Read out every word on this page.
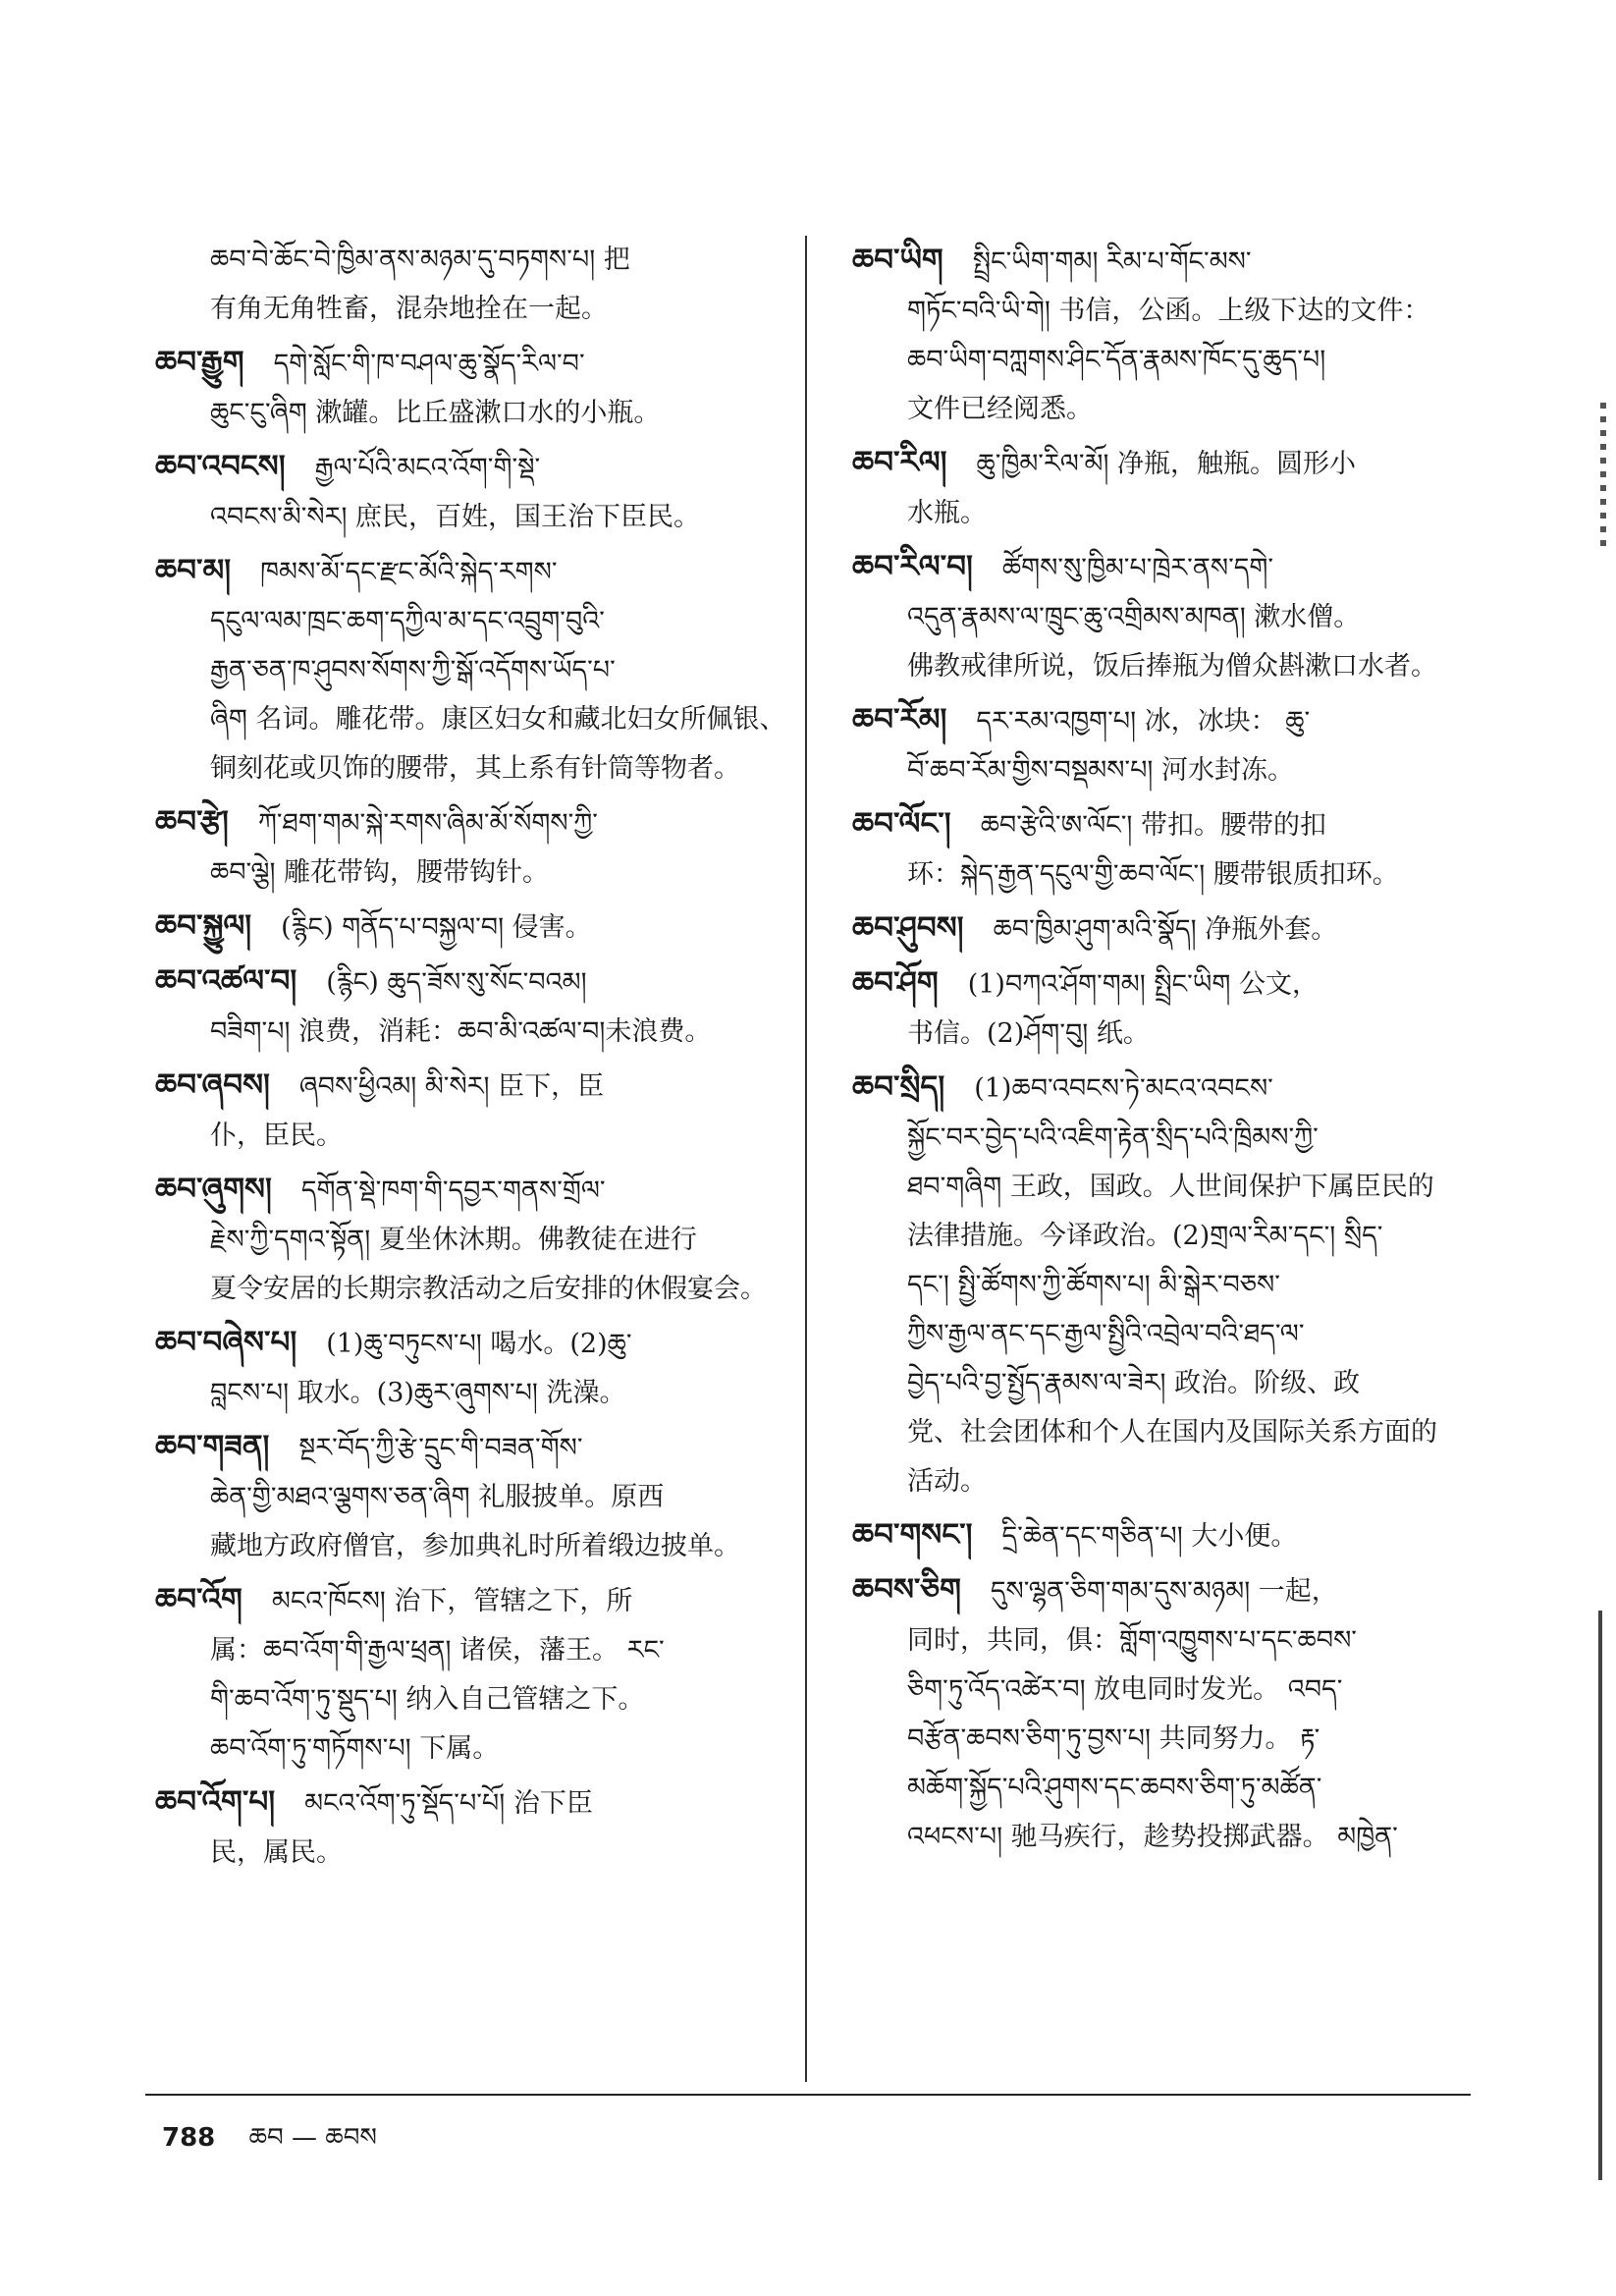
ཆབ་བེ་ཆོང་བེ་ཁྱིམ་ནས་མཉམ་དུ་བཏགས་པ། 把
有角无角牲畜，混杂地拴在一起。
ཆབ་རྒྱུག དགེ་སློང་གི་ཁ་བཤལ་ཆུ་སྣོད་རིལ་བ་
ཆུང་ངུ་ཞིག 漱罐。比丘盛漱口水的小瓶。
ཆབ་འབངས། རྒྱལ་པོའི་མངའ་འོག་གི་སྡེ་
འབངས་མི་སེར། 庶民，百姓，国王治下臣民。
ཆབ་མ། ཁམས་མོ་དང་རྫང་མོའི་སྐེད་རགས་
དངུལ་ལམ་ཁྲང་ཆག་དཀྱིལ་མ་དང་འབྲུག་བུའི་
རྒྱན་ཅན་ཁ་ཤུབས་སོགས་ཀྱི་སྒོ་འདོགས་ཡོད་པ་
ཞིག 名词。雕花带。康区妇女和藏北妇女所佩银、
铜刻花或贝饰的腰带，其上系有针筒等物者。
ཆབ་རྩེ། ཀོ་ཐག་གམ་སྐེ་རགས་ཞིམ་མོ་སོགས་ཀྱི་
ཆབ་ལྕེ། 雕花带钩，腰带钩针。
ཆབ་སྐྱུལ། (རྙིང) གནོད་པ་བསྐྱལ་བ། 侵害。
ཆབ་འཚལ་བ། (རྙིང) ཆུད་ཟོས་སུ་སོང་བའམ།
བཟིག་པ། 浪费，消耗：ཆབ་མི་འཚལ་བ།未浪费。
ཆབ་ཞབས། ཞབས་ཕྱིའམ། མི་སེར། 臣下，臣
仆，臣民。
ཆབ་ཞུགས། དགོན་སྡེ་ཁག་གི་དབྱར་གནས་གྲོལ་
རྗེས་ཀྱི་དགའ་སྟོན། 夏坐休沐期。佛教徒在进行
夏令安居的长期宗教活动之后安排的休假宴会。
ཆབ་བཞེས་པ། (1)ཆུ་བཏུངས་པ། 喝水。(2)ཆུ་
བླངས་པ། 取水。(3)ཆུར་ཞུགས་པ། 洗澡。
ཆབ་གཟན། སྔར་བོད་ཀྱི་རྩེ་དྲུང་གི་བཟན་གོས་
ཆེན་གྱི་མཐའ་ལྕགས་ཅན་ཞིག 礼服披单。原西
藏地方政府僧官，参加典礼时所着缎边披单。
ཆབ་འོག མངའ་ཁོངས། 治下，管辖之下，所
属：ཆབ་འོག་གི་རྒྱལ་ཕྲན། 诸侯，藩王。 རང་
གི་ཆབ་འོག་ཏུ་སྡུད་པ། 纳入自己管辖之下。
ཆབ་འོག་ཏུ་གཏོགས་པ། 下属。
ཆབ་འོག་པ། མངའ་འོག་ཏུ་སྡོད་པ་པོ། 治下臣
民，属民。
ཆབ་ཡིག སྤྲིང་ཡིག་གམ། རིམ་པ་གོང་མས་
གཏོང་བའི་ཡི་གེ། 书信，公函。上级下达的文件：
ཆབ་ཡིག་བཀླགས་ཤིང་དོན་རྣམས་ཁོང་དུ་ཆུད་པ།
文件已经阅悉。
ཆབ་རིལ། ཆུ་ཁྱིམ་རིལ་མོ། 净瓶，触瓶。圆形小
水瓶。
ཆབ་རིལ་བ། ཚོགས་སུ་ཁྱིམ་པ་ཁྲེར་ནས་དགེ་
འདུན་རྣམས་ལ་ཁྲུང་ཆུ་འགྲིམས་མཁན། 漱水僧。
佛教戒律所说，饭后捧瓶为僧众斟漱口水者。
ཆབ་རོམ། དར་རམ་འཁྱག་པ། 冰，冰块： ཆུ་
བོ་ཆབ་རོམ་གྱིས་བསྡམས་པ། 河水封冻。
ཆབ་ལོང་། ཆབ་རྩེའི་ཨ་ལོང་། 带扣。腰带的扣
环：སྐེད་རྒྱན་དངུལ་གྱི་ཆབ་ལོང་། 腰带银质扣环。
ཆབ་ཤུབས། ཆབ་ཁྱིམ་ཤུག་མའི་སྣོད། 净瓶外套。
ཆབ་ཤོག (1)བཀའ་ཤོག་གམ། སྤྲིང་ཡིག 公文，
书信。(2)ཤོག་བུ། 纸。
ཆབ་སྲིད། (1)ཆབ་འབངས་ཏེ་མངའ་འབངས་
སྐྱོང་བར་བྱེད་པའི་འཇིག་རྟེན་སྲིད་པའི་ཁྲིམས་ཀྱི་
ཐབ་གཞིག 王政，国政。人世间保护下属臣民的
法律措施。今译政治。(2)གྲལ་རིམ་དང་། སྲིད་
དང་། སྤྱི་ཚོགས་ཀྱི་ཚོགས་པ། མི་སྒེར་བཅས་
ཀྱིས་རྒྱལ་ནང་དང་རྒྱལ་སྤྱིའི་འབྲེལ་བའི་ཐད་ལ་
བྱེད་པའི་བྱ་སྤྱོད་རྣམས་ལ་ཟེར། 政治。阶级、政
党、社会团体和个人在国内及国际关系方面的
活动。
ཆབ་གསང་། དྲི་ཆེན་དང་གཅིན་པ། 大小便。
ཆབས་ཅིག དུས་ལྷན་ཅིག་གམ་དུས་མཉམ། 一起，
同时，共同，俱：གློག་འཁྱུགས་པ་དང་ཆབས་
ཅིག་ཏུ་འོད་འཚེར་བ། 放电同时发光。 འབད་
བརྩོན་ཆབས་ཅིག་ཏུ་བྱས་པ། 共同努力。 རྟ་
མཆོག་སྐྱོད་པའི་ཤུགས་དང་ཆབས་ཅིག་ཏུ་མཚོན་
འཕངས་པ། 驰马疾行，趁势投掷武器。 མཁྱེན་
788 ཆབ — ཆབས
